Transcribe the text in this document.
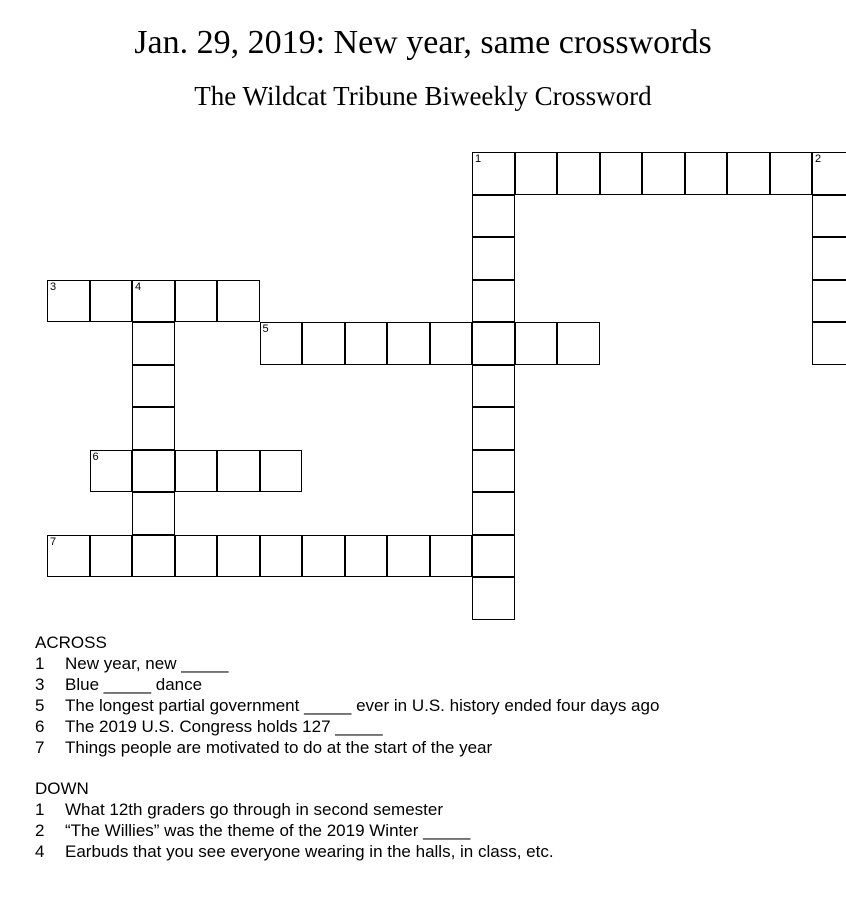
Jan. 29, 2019: New year, same crosswords
The Wildcat Tribune Biweekly Crossword
1	2
3	4
5
6
7
ACROSS
1	New year, new _____
3	Blue _____ dance
5	The longest partial government _____ ever in U.S. history ended four days ago
6	The 2019 U.S. Congress holds 127 _____
7	Things people are motivated to do at the start of the year
DOWN
1	What 12th graders go through in second semester
2	“The Willies” was the theme of the 2019 Winter _____
4	Earbuds that you see everyone wearing in the halls, in class, etc.
